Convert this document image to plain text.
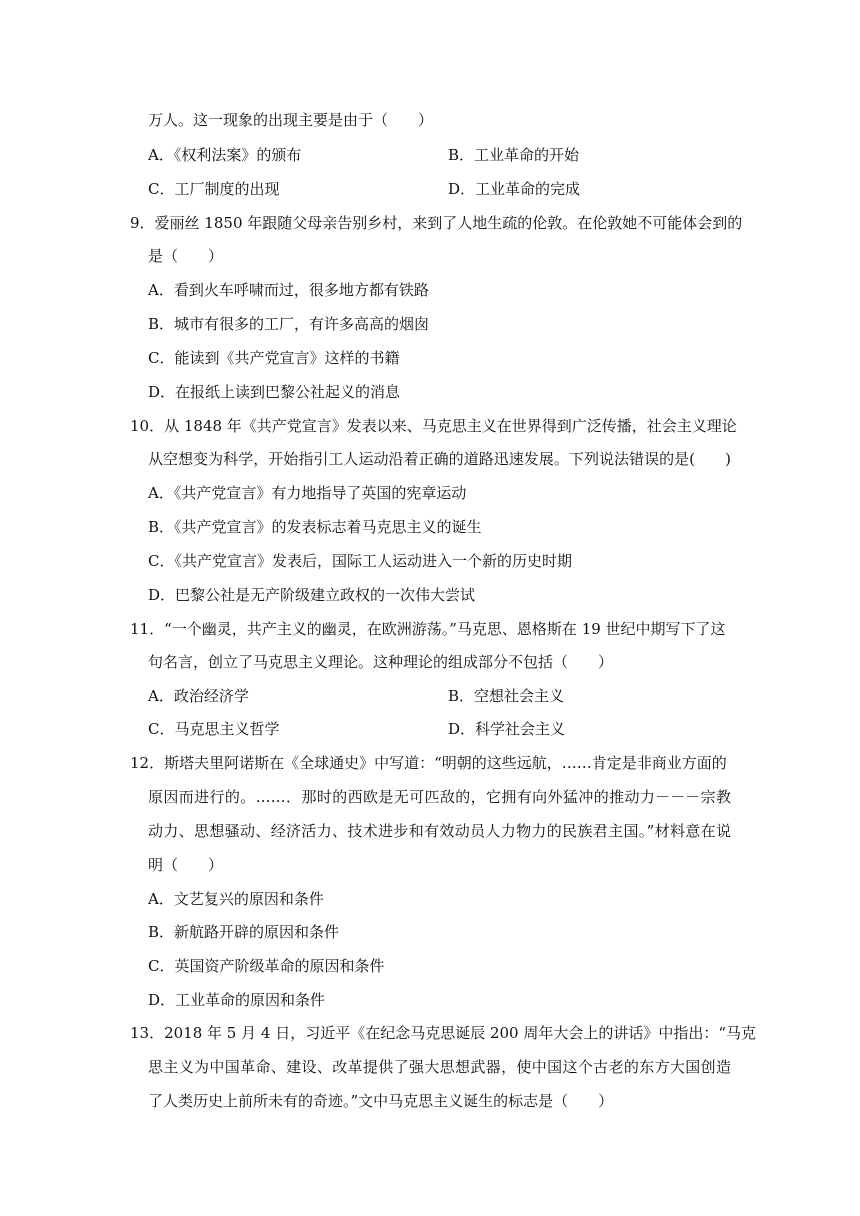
万人。这一现象的出现主要是由于（　　）
A．《权利法案》的颁布	B．工业革命的开始
C．工厂制度的出现	D．工业革命的完成
9．爱丽丝 1850 年跟随父母亲告别乡村，来到了人地生疏的伦敦。在伦敦她不可能体会到的
是（　　）
A．看到火车呼啸而过，很多地方都有铁路
B．城市有很多的工厂，有许多高高的烟囱
C．能读到《共产党宣言》这样的书籍
D．在报纸上读到巴黎公社起义的消息
10．从 1848 年《共产党宣言》发表以来、马克思主义在世界得到广泛传播，社会主义理论
从空想变为科学，开始指引工人运动沿着正确的道路迅速发展。下列说法错误的是(　　)
A．《共产党宣言》有力地指导了英国的宪章运动
B．《共产党宣言》的发表标志着马克思主义的诞生
C．《共产党宣言》发表后，国际工人运动进入一个新的历史时期
D．巴黎公社是无产阶级建立政权的一次伟大尝试
11．“一个幽灵，共产主义的幽灵，在欧洲游荡。”马克思、恩格斯在 19 世纪中期写下了这
句名言，创立了马克思主义理论。这种理论的组成部分不包括（　　）
A．政治经济学	B．空想社会主义
C．马克思主义哲学	D．科学社会主义
12．斯塔夫里阿诺斯在《全球通史》中写道：“明朝的这些远航，……肯定是非商业方面的
原因而进行的。……．那时的西欧是无可匹敌的，它拥有向外猛冲的推动力－－－宗教
动力、思想骚动、经济活力、技术进步和有效动员人力物力的民族君主国。”材料意在说
明（　　）
A．文艺复兴的原因和条件
B．新航路开辟的原因和条件
C．英国资产阶级革命的原因和条件
D．工业革命的原因和条件
13．2018 年 5 月 4 日，习近平《在纪念马克思诞辰 200 周年大会上的讲话》中指出：“马克
思主义为中国革命、建设、改革提供了强大思想武器，使中国这个古老的东方大国创造
了人类历史上前所未有的奇迹。”文中马克思主义诞生的标志是（　　）
